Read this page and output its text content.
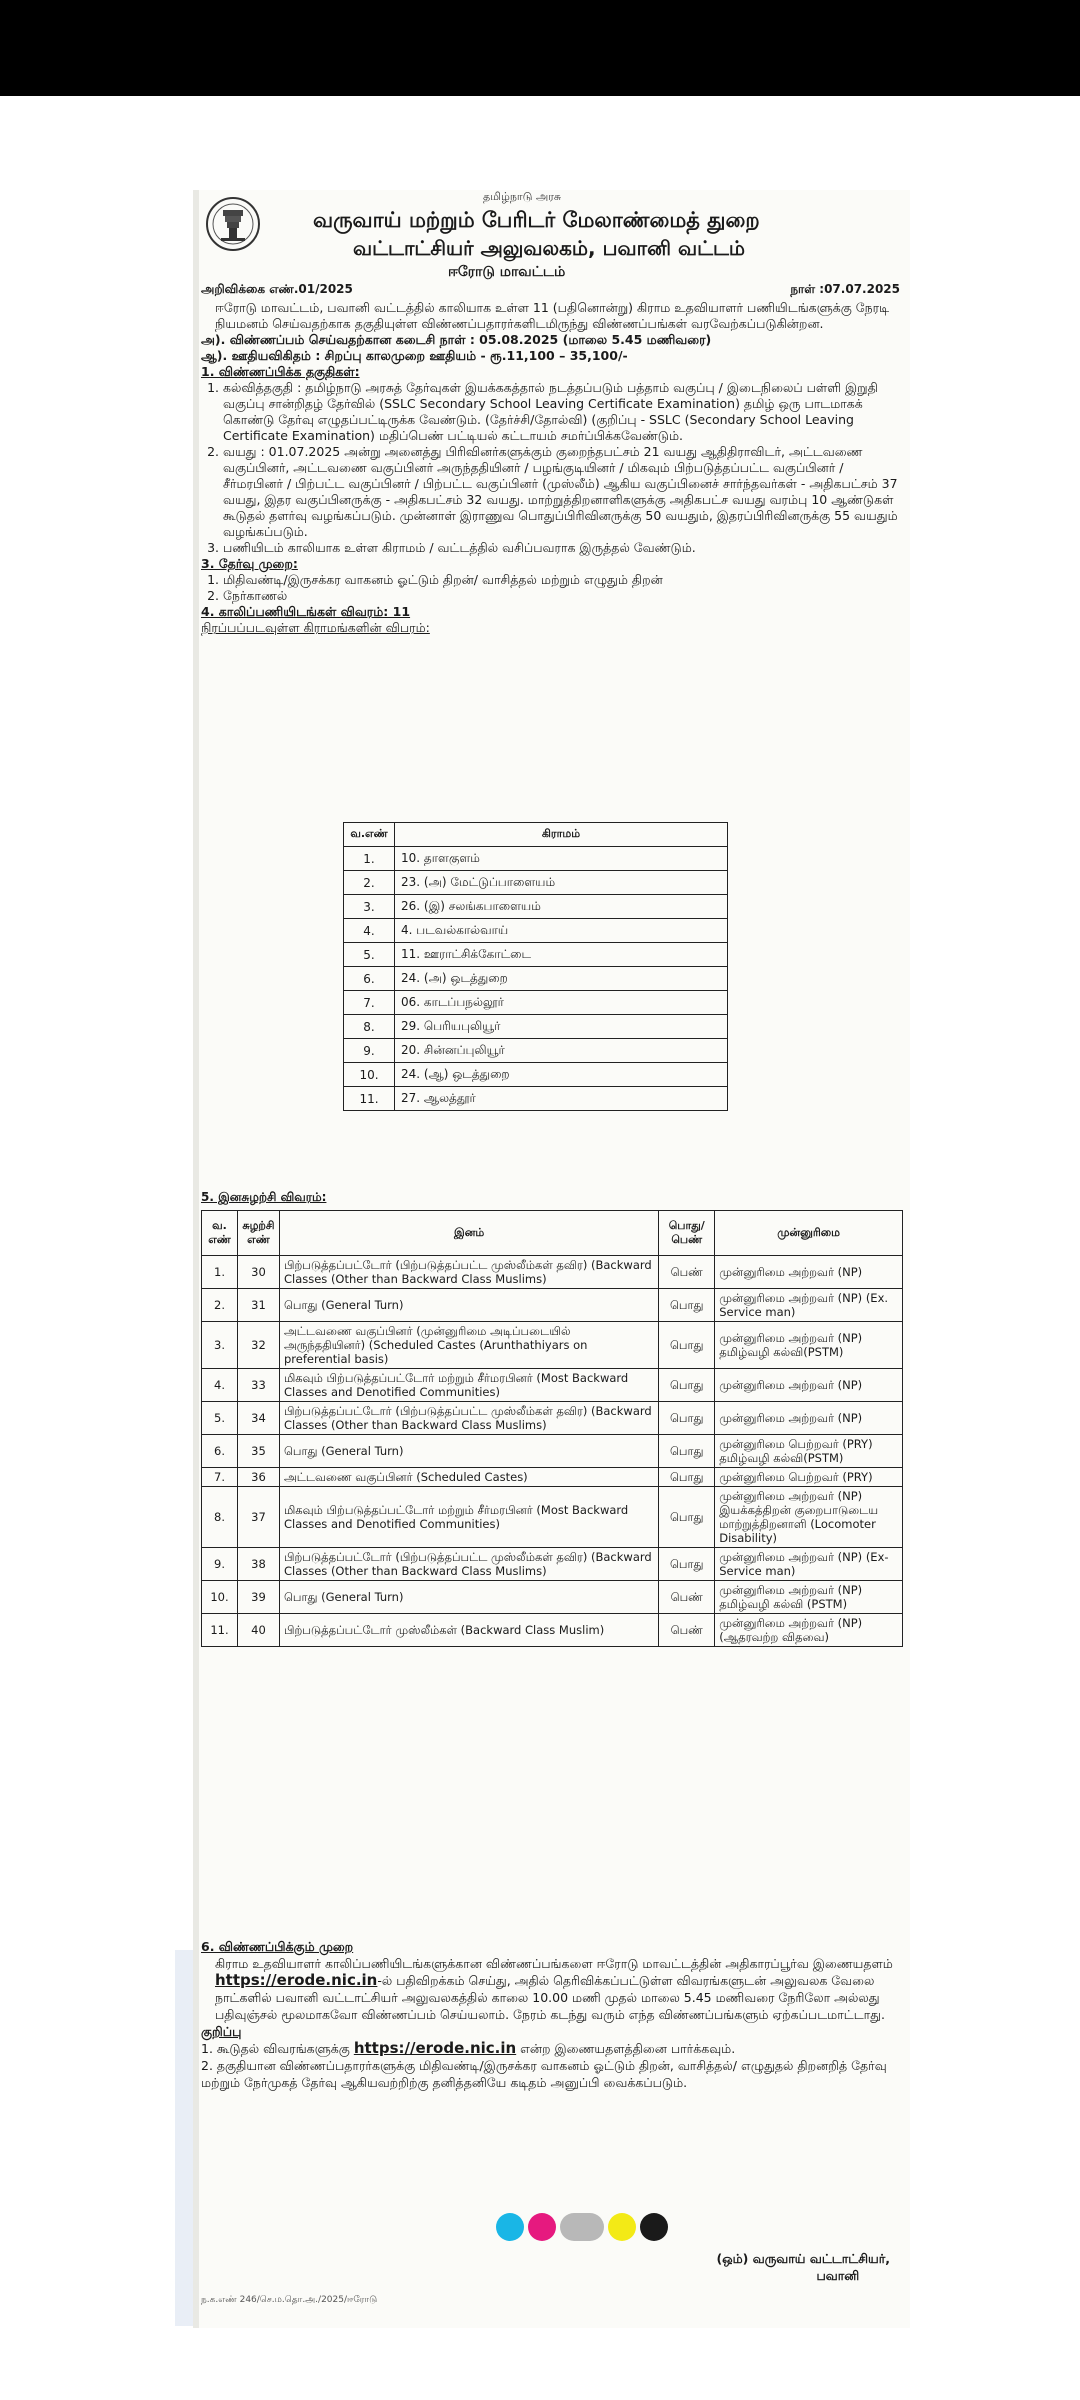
தமிழ்நாடு அரசு
வருவாய் மற்றும் பேரிடர் மேலாண்மைத் துறை
வட்டாட்சியர் அலுவலகம், பவானி வட்டம்
ஈரோடு மாவட்டம்
அறிவிக்கை எண்.01/2025	நாள் :07.07.2025

ஈரோடு மாவட்டம், பவானி வட்டத்தில் காலியாக உள்ள 11 (பதினொன்று) கிராம உதவியாளர் பணியிடங்களுக்கு நேரடி நியமனம் செய்வதற்காக தகுதியுள்ள விண்ணப்பதாரர்களிடமிருந்து விண்ணப்பங்கள் வரவேற்கப்படுகின்றன.

அ). விண்ணப்பம் செய்வதற்கான கடைசி நாள் : 05.08.2025 (மாலை 5.45 மணிவரை)

ஆ). ஊதியவிகிதம் : சிறப்பு காலமுறை ஊதியம் - ரூ.11,100 – 35,100/-

1. விண்ணப்பிக்க தகுதிகள்:

1. கல்வித்தகுதி : தமிழ்நாடு அரசுத் தேர்வுகள் இயக்ககத்தால் நடத்தப்படும் பத்தாம் வகுப்பு / இடைநிலைப் பள்ளி இறுதி வகுப்பு சான்றிதழ் தேர்வில் (SSLC Secondary School Leaving Certificate Examination) தமிழ் ஒரு பாடமாகக் கொண்டு தேர்வு எழுதப்பட்டிருக்க வேண்டும். (தேர்ச்சி/தோல்வி) (குறிப்பு - SSLC (Secondary School Leaving Certificate Examination) மதிப்பெண் பட்டியல் கட்டாயம் சமர்ப்பிக்கவேண்டும்.
2. வயது : 01.07.2025 அன்று அனைத்து பிரிவினர்களுக்கும் குறைந்தபட்சம் 21 வயது ஆதிதிராவிடர், அட்டவணை வகுப்பினர், அட்டவணை வகுப்பினர் அருந்ததியினர் / பழங்குடியினர் / மிகவும் பிற்படுத்தப்பட்ட வகுப்பினர் / சீர்மரபினர் / பிற்பட்ட வகுப்பினர் / பிற்பட்ட வகுப்பினர் (முஸ்லீம்) ஆகிய வகுப்பினைச் சார்ந்தவர்கள் - அதிகபட்சம் 37 வயது, இதர வகுப்பினருக்கு - அதிகபட்சம் 32 வயது. மாற்றுத்திறனாளிகளுக்கு அதிகபட்ச வயது வரம்பு 10 ஆண்டுகள் கூடுதல் தளர்வு வழங்கப்படும். முன்னாள் இராணுவ பொதுப்பிரிவினருக்கு 50 வயதும், இதரப்பிரிவினருக்கு 55 வயதும் வழங்கப்படும்.
3. பணியிடம் காலியாக உள்ள கிராமம் / வட்டத்தில் வசிப்பவராக இருத்தல் வேண்டும்.

3. தேர்வு முறை:

1. மிதிவண்டி/இருசக்கர வாகனம் ஓட்டும் திறன்/ வாசித்தல் மற்றும் எழுதும் திறன்
2. நேர்காணல்

4. காலிப்பணியிடங்கள் விவரம்: 11

நிரப்பப்படவுள்ள கிராமங்களின் விபரம்:

வ.எண்	கிராமம்
1.	10. தாளகுளம்
2.	23. (அ) மேட்டுப்பாளையம்
3.	26. (இ) சலங்கபாளையம்
4.	4. படவல்கால்வாய்
5.	11. ஊராட்சிக்கோட்டை
6.	24. (அ) ஒடத்துறை
7.	06. காடப்பநல்லூர்
8.	29. பெரியபுலியூர்
9.	20. சின்னப்புலியூர்
10.	24. (ஆ) ஒடத்துறை
11.	27. ஆலத்தூர்
5. இனசுழற்சி விவரம்:
வ. எண்	சுழற்சி எண்	இனம்	பொது/ பெண்	முன்னுரிமை
1.	30	பிற்படுத்தப்பட்டோர் (பிற்படுத்தப்பட்ட முஸ்லீம்கள் தவிர) (Backward Classes (Other than Backward Class Muslims)	பெண்	முன்னுரிமை அற்றவர் (NP)
2.	31	பொது (General Turn)	பொது	முன்னுரிமை அற்றவர் (NP) (Ex. Service man)
3.	32	அட்டவணை வகுப்பினர் (முன்னுரிமை அடிப்படையில் அருந்ததியினர்) (Scheduled Castes (Arunthathiyars on preferential basis)	பொது	முன்னுரிமை அற்றவர் (NP) தமிழ்வழி கல்வி(PSTM)
4.	33	மிகவும் பிற்படுத்தப்பட்டோர் மற்றும் சீர்மரபினர் (Most Backward Classes and Denotified Communities)	பொது	முன்னுரிமை அற்றவர் (NP)
5.	34	பிற்படுத்தப்பட்டோர் (பிற்படுத்தப்பட்ட முஸ்லீம்கள் தவிர) (Backward Classes (Other than Backward Class Muslims)	பொது	முன்னுரிமை அற்றவர் (NP)
6.	35	பொது (General Turn)	பொது	முன்னுரிமை பெற்றவர் (PRY) தமிழ்வழி கல்வி(PSTM)
7.	36	அட்டவணை வகுப்பினர் (Scheduled Castes)	பொது	முன்னுரிமை பெற்றவர் (PRY)
8.	37	மிகவும் பிற்படுத்தப்பட்டோர் மற்றும் சீர்மரபினர் (Most Backward Classes and Denotified Communities)	பொது	முன்னுரிமை அற்றவர் (NP) இயக்கத்திறன் குறைபாடுடைய மாற்றுத்திறனாளி (Locomoter Disability)
9.	38	பிற்படுத்தப்பட்டோர் (பிற்படுத்தப்பட்ட முஸ்லீம்கள் தவிர) (Backward Classes (Other than Backward Class Muslims)	பொது	முன்னுரிமை அற்றவர் (NP) (Ex-Service man)
10.	39	பொது (General Turn)	பெண்	முன்னுரிமை அற்றவர் (NP) தமிழ்வழி கல்வி (PSTM)
11.	40	பிற்படுத்தப்பட்டோர் முஸ்லீம்கள் (Backward Class Muslim)	பெண்	முன்னுரிமை அற்றவர் (NP) (ஆதரவற்ற விதவை)

6. விண்ணப்பிக்கும் முறை

கிராம உதவியாளர் காலிப்பணியிடங்களுக்கான விண்ணப்பங்களை ஈரோடு மாவட்டத்தின் அதிகாரப்பூர்வ இணையதளம் https://erode.nic.in-ல் பதிவிறக்கம் செய்து, அதில் தெரிவிக்கப்பட்டுள்ள விவரங்களுடன் அலுவலக வேலை நாட்களில் பவானி வட்டாட்சியர் அலுவலகத்தில் காலை 10.00 மணி முதல் மாலை 5.45 மணிவரை நேரிலோ அல்லது பதிவுஞ்சல் மூலமாகவோ விண்ணப்பம் செய்யலாம். நேரம் கடந்து வரும் எந்த விண்ணப்பங்களும் ஏற்கப்படமாட்டாது.

குறிப்பு

1. கூடுதல் விவரங்களுக்கு https://erode.nic.in என்ற இணையதளத்தினை பார்க்கவும்.

2. தகுதியான விண்ணப்பதாரர்களுக்கு மிதிவண்டி/இருசக்கர வாகனம் ஓட்டும் திறன், வாசித்தல்/ எழுதுதல் திறனறித் தேர்வு மற்றும் நேர்முகத் தேர்வு ஆகியவற்றிற்கு தனித்தனியே கடிதம் அனுப்பி வைக்கப்படும்.

(ஒம்) வருவாய் வட்டாட்சியர்,
பவானி
ந.க.எண் 246/செ.ம.தொ.அ./2025/ஈரோடு
